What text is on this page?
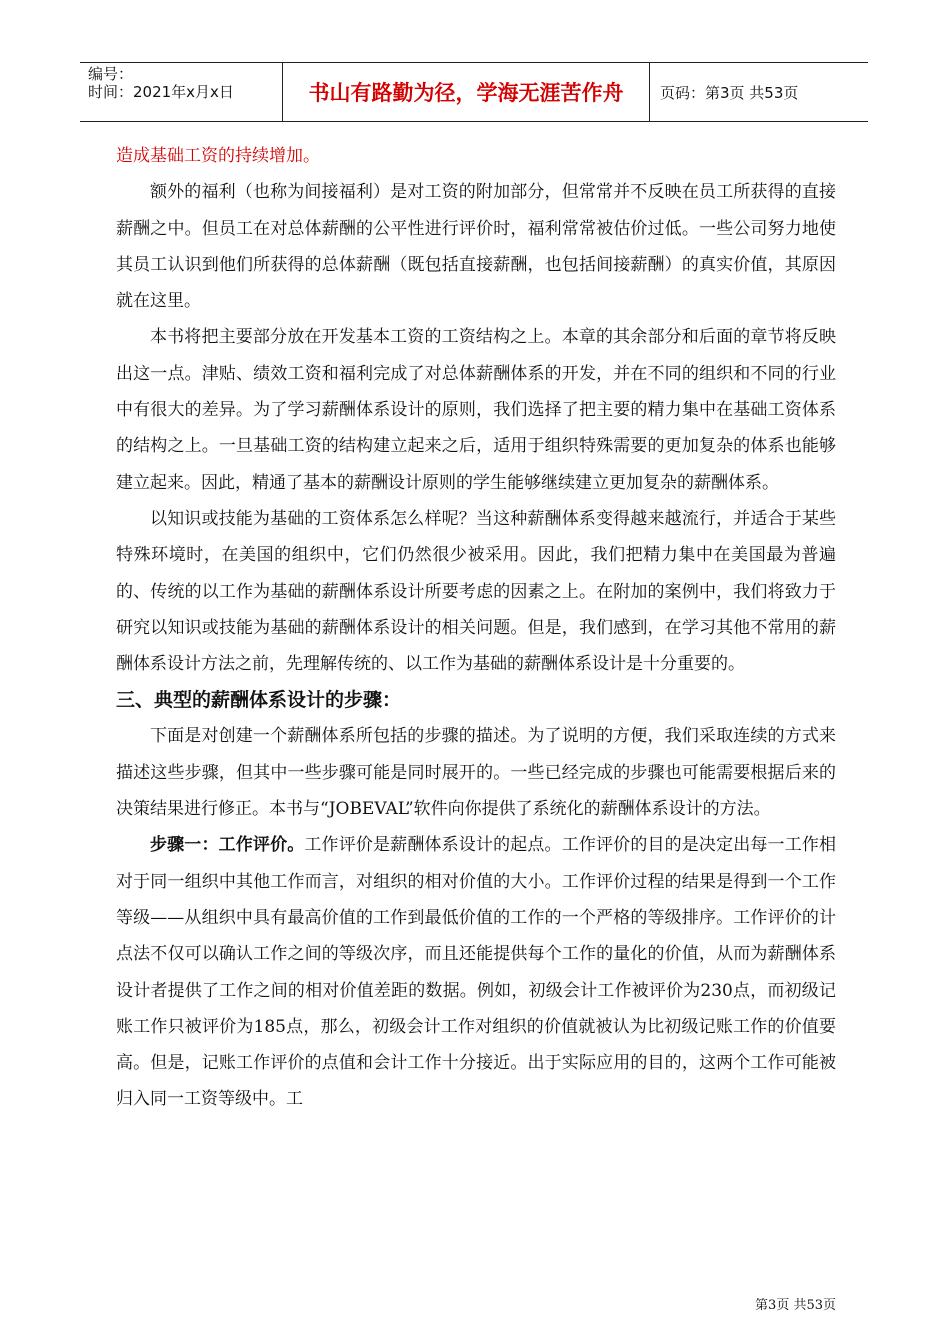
编号：
时间：2021年x月x日	书山有路勤为径，学海无涯苦作舟	页码：第3页 共53页

造成基础工资的持续增加。

额外的福利（也称为间接福利）是对工资的附加部分，但常常并不反映在员工所获得的直接薪酬之中。但员工在对总体薪酬的公平性进行评价时，福利常常被估价过低。一些公司努力地使其员工认识到他们所获得的总体薪酬（既包括直接薪酬，也包括间接薪酬）的真实价值，其原因就在这里。

本书将把主要部分放在开发基本工资的工资结构之上。本章的其余部分和后面的章节将反映出这一点。津贴、绩效工资和福利完成了对总体薪酬体系的开发，并在不同的组织和不同的行业中有很大的差异。为了学习薪酬体系设计的原则，我们选择了把主要的精力集中在基础工资体系的结构之上。一旦基础工资的结构建立起来之后，适用于组织特殊需要的更加复杂的体系也能够建立起来。因此，精通了基本的薪酬设计原则的学生能够继续建立更加复杂的薪酬体系。

以知识或技能为基础的工资体系怎么样呢？当这种薪酬体系变得越来越流行，并适合于某些特殊环境时，在美国的组织中，它们仍然很少被采用。因此，我们把精力集中在美国最为普遍的、传统的以工作为基础的薪酬体系设计所要考虑的因素之上。在附加的案例中，我们将致力于研究以知识或技能为基础的薪酬体系设计的相关问题。但是，我们感到，在学习其他不常用的薪酬体系设计方法之前，先理解传统的、以工作为基础的薪酬体系设计是十分重要的。

三、典型的薪酬体系设计的步骤：

下面是对创建一个薪酬体系所包括的步骤的描述。为了说明的方便，我们采取连续的方式来描述这些步骤，但其中一些步骤可能是同时展开的。一些已经完成的步骤也可能需要根据后来的决策结果进行修正。本书与“JOBEVAL”软件向你提供了系统化的薪酬体系设计的方法。

步骤一：工作评价。工作评价是薪酬体系设计的起点。工作评价的目的是决定出每一工作相对于同一组织中其他工作而言，对组织的相对价值的大小。工作评价过程的结果是得到一个工作等级——从组织中具有最高价值的工作到最低价值的工作的一个严格的等级排序。工作评价的计点法不仅可以确认工作之间的等级次序，而且还能提供每个工作的量化的价值，从而为薪酬体系设计者提供了工作之间的相对价值差距的数据。例如，初级会计工作被评价为230点，而初级记账工作只被评价为185点，那么，初级会计工作对组织的价值就被认为比初级记账工作的价值要高。但是，记账工作评价的点值和会计工作十分接近。出于实际应用的目的，这两个工作可能被归入同一工资等级中。工

第3页 共53页
